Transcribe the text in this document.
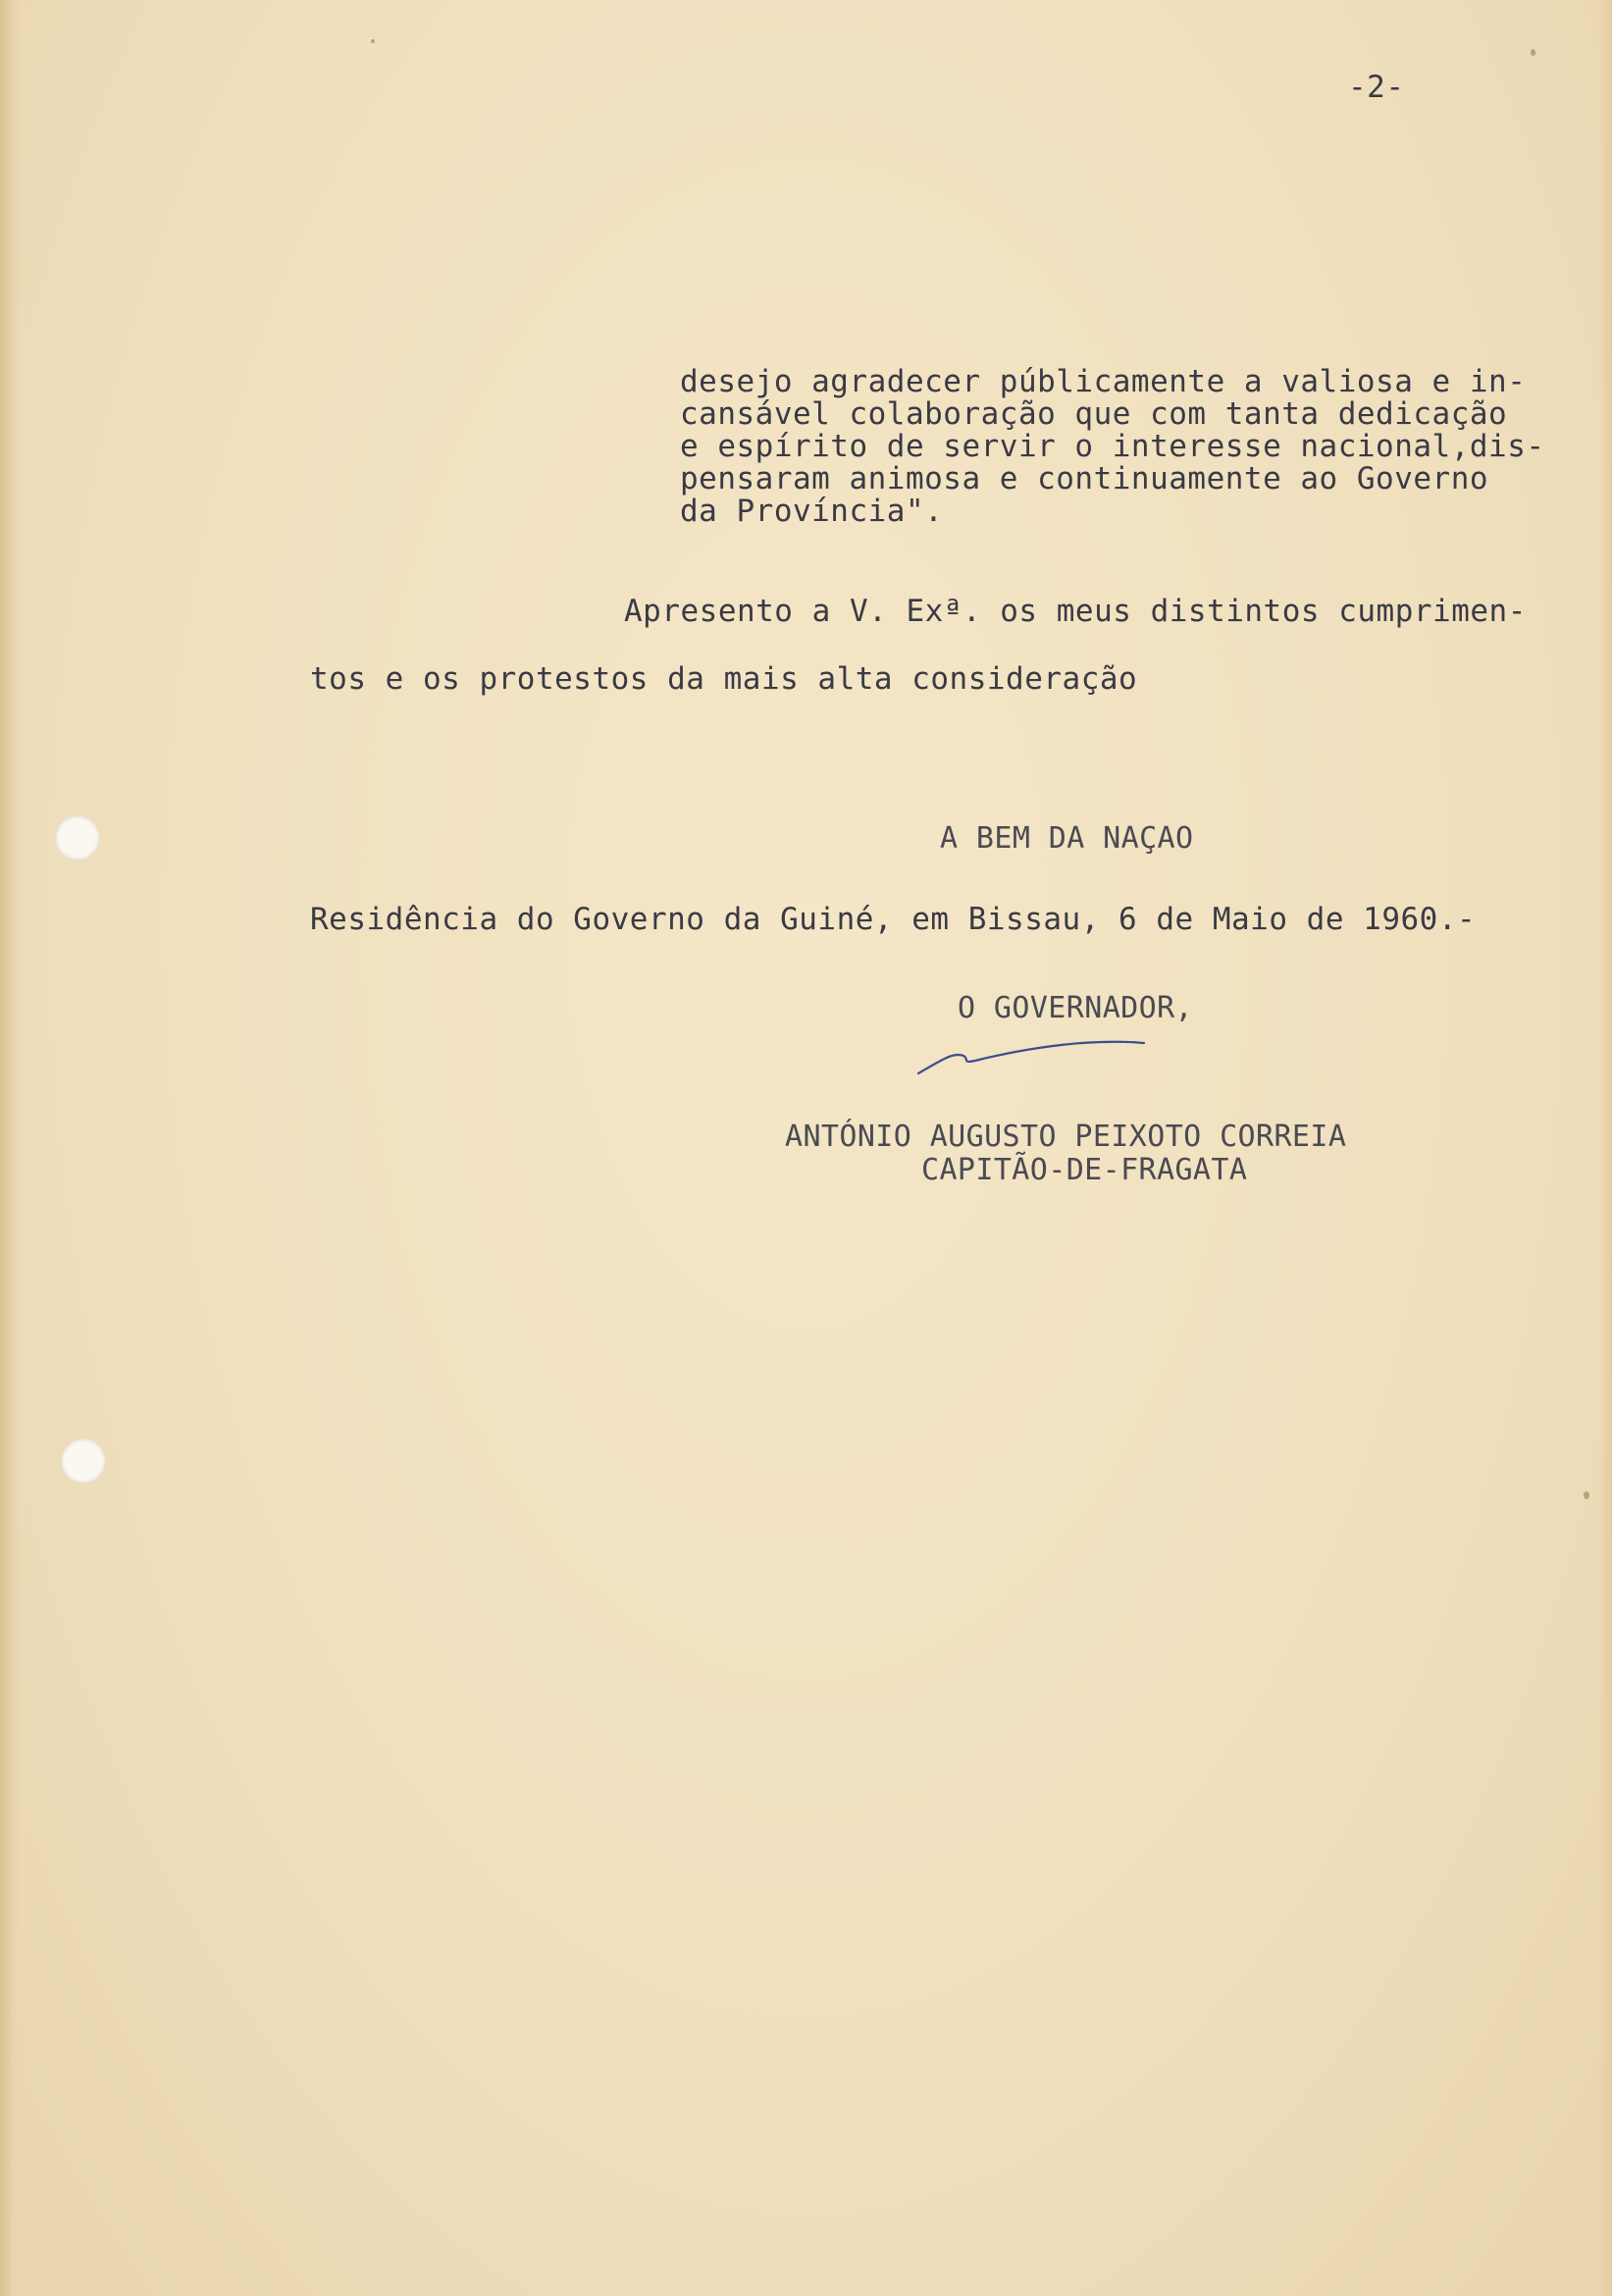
-2-
desejo agradecer públicamente a valiosa e in-
cansável colaboração que com tanta dedicação
e espírito de servir o interesse nacional,dis-
pensaram animosa e continuamente ao Governo
da Província".
Apresento a V. Exª. os meus distintos cumprimen-
tos e os protestos da mais alta consideração
A BEM DA NAÇAO
Residência do Governo da Guiné, em Bissau, 6 de Maio de 1960.-
O GOVERNADOR,
ANTÓNIO AUGUSTO PEIXOTO CORREIA
CAPITÃO-DE-FRAGATA
